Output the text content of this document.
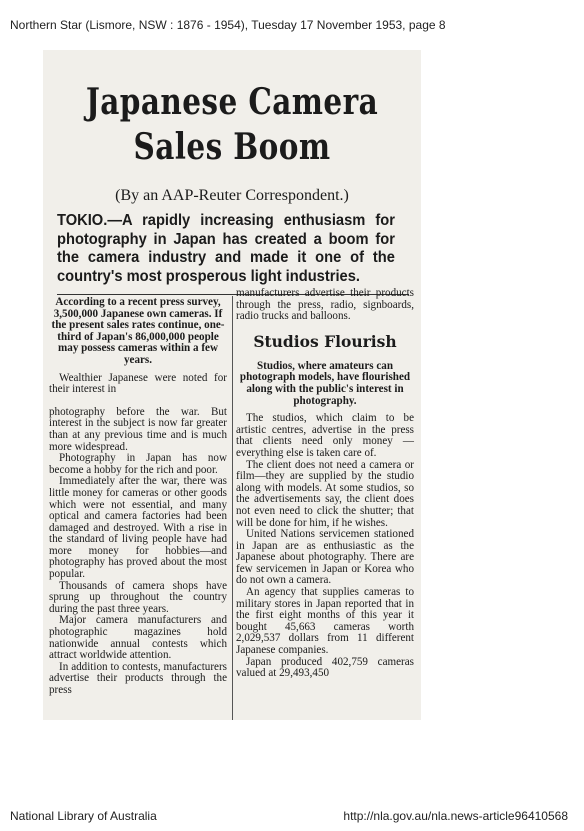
Northern Star (Lismore, NSW : 1876 - 1954), Tuesday 17 November 1953, page 8
Japanese Camera
Sales Boom
(By an AAP-Reuter Correspondent.)
TOKIO.—A rapidly increasing enthusiasm for photography in Japan has created a boom for the camera industry and made it one of the country's most prosperous light industries.

According to a recent press survey, 3,500,000 Japanese own cameras. If the present sales rates continue, one-third of Japan's 86,000,000 people may possess cameras within a few years.

Wealthier Japanese were noted for their interest in

photography before the war. But interest in the subject is now far greater than at any previous time and is much more widespread.

Photography in Japan has now become a hobby for the rich and poor.

Immediately after the war, there was little money for cameras or other goods which were not essential, and many optical and camera factories had been damaged and destroyed. With a rise in the standard of living people have had more money for hobbies—and photography has proved about the most popular.

Thousands of camera shops have sprung up throughout the country during the past three years.

Major camera manufacturers and photographic magazines hold nationwide annual contests which attract worldwide attention.

In addition to contests, manufacturers advertise their products through the press

manufacturers advertise their products through the press, radio, signboards, radio trucks and balloons.

Studios Flourish

Studios, where amateurs can photograph models, have flourished along with the public's interest in photography.

The studios, which claim to be artistic centres, advertise in the press that clients need only money — everything else is taken care of.

The client does not need a camera or film—they are supplied by the studio along with models. At some studios, so the advertisements say, the client does not even need to click the shutter; that will be done for him, if he wishes.

United Nations servicemen stationed in Japan are as enthusiastic as the Japanese about photography. There are few servicemen in Japan or Korea who do not own a camera.

An agency that supplies cameras to military stores in Japan reported that in the first eight months of this year it bought 45,663 cameras worth 2,029,537 dollars from 11 different Japanese companies.

Japan produced 402,759 cameras valued at 29,493,450

National Library of Australia	http://nla.gov.au/nla.news-article96410568
